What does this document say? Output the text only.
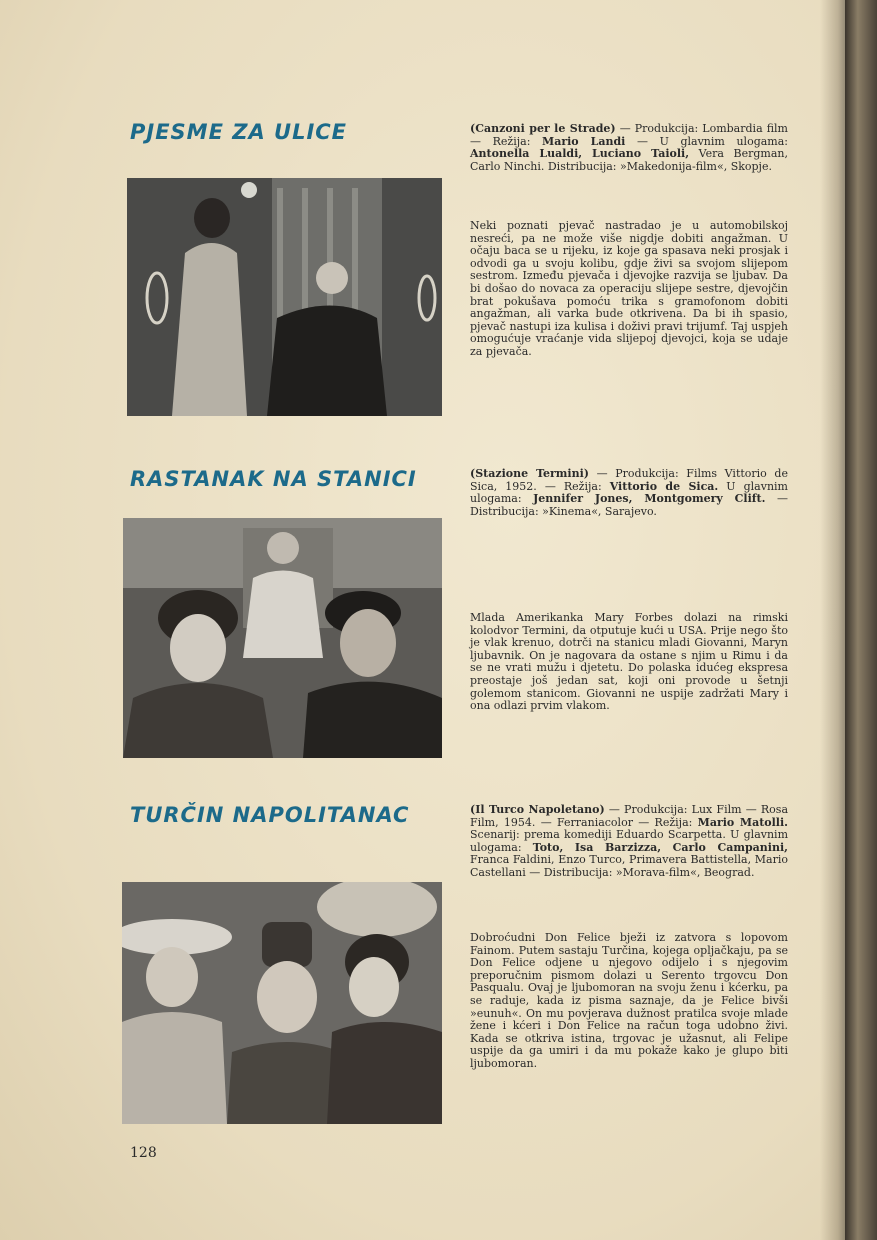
PJESME ZA ULICE	(Canzoni per le Strade) — Produkcija: Lombardia film — Režija: Mario Landi — U glavnim ulogama: Antonella Lualdi, Luciano Taioli, Vera Bergman, Carlo Ninchi. Distribucija: »Makedonija-film«, Skopje.

Neki poznati pjevač nastradao je u automobilskoj nesreći, pa ne može više nigdje dobiti angažman. U očaju baca se u rijeku, iz koje ga spasava neki prosjak i odvodi ga u svoju kolibu, gdje živi sa svojom slijepom sestrom. Između pjevača i djevojke razvija se ljubav. Da bi došao do novaca za operaciju slijepe sestre, djevojčin brat pokušava pomoću trika s gramofonom dobiti angažman, ali varka bude otkrivena. Da bi ih spasio, pjevač nastupi iza kulisa i doživi pravi trijumf. Taj uspjeh omogućuje vraćanje vida slijepoj djevojci, koja se udaje za pjevača.

RASTANAK NA STANICI	(Stazione Termini) — Produkcija: Films Vittorio de Sica, 1952. — Režija: Vittorio de Sica. U glavnim ulogama: Jennifer Jones, Montgomery Clift. — Distribucija: »Kinema«, Sarajevo.

Mlada Amerikanka Mary Forbes dolazi na rimski kolodvor Termini, da otputuje kući u USA. Prije nego što je vlak krenuo, dotrči na stanicu mladi Giovanni, Maryn ljubavnik. On je nagovara da ostane s njim u Rimu i da se ne vrati mužu i djetetu. Do polaska idućeg ekspresa preostaje još jedan sat, koji oni provode u šetnji golemom stanicom. Giovanni ne uspije zadržati Mary i ona odlazi prvim vlakom.

TURČIN NAPOLITANAC	(Il Turco Napoletano) — Produkcija: Lux Film — Rosa Film, 1954. — Ferraniacolor — Režija: Mario Matolli. Scenarij: prema komediji Eduardo Scarpetta. U glavnim ulogama: Toto, Isa Barzizza, Carlo Campanini, Franca Faldini, Enzo Turco, Primavera Battistella, Mario Castellani — Distribucija: »Morava-film«, Beograd.

Dobroćudni Don Felice bježi iz zatvora s lopovom Fainom. Putem sastaju Turčina, kojega opljačkaju, pa se Don Felice odjene u njegovo odijelo i s njegovim preporučnim pismom dolazi u Serento trgovcu Don Pasqualu. Ovaj je ljubomoran na svoju ženu i kćerku, pa se raduje, kada iz pisma saznaje, da je Felice bivši »eunuh«. On mu povjerava dužnost pratilca svoje mlade žene i kćeri i Don Felice na račun toga udobno živi. Kada se otkriva istina, trgovac je užasnut, ali Felipe uspije da ga umiri i da mu pokaže kako je glupo biti ljubomoran.

128
